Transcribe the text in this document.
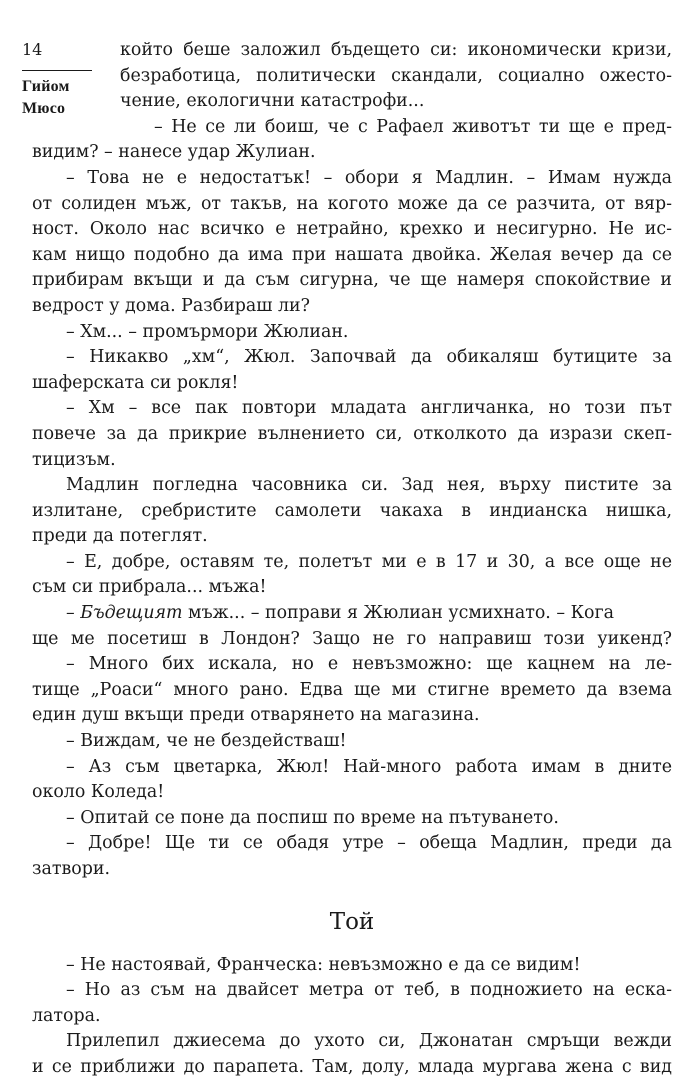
14
Гийом
Мюсо
който беше заложил бъдещето си: икономически кризи,
безработица, политически скандали, социално ожесто-
чение, екологични катастрофи...
– Не се ли боиш, че с Рафаел животът ти ще е пред-
видим? – нанесе удар Жулиан.
– Това не е недостатък! – обори я Мадлин. – Имам нужда
от солиден мъж, от такъв, на когото може да се разчита, от вяр-
ност. Около нас всичко е нетрайно, крехко и несигурно. Не ис-
кам нищо подобно да има при нашата двойка. Желая вечер да се
прибирам вкъщи и да съм сигурна, че ще намеря спокойствие и
ведрост у дома. Разбираш ли?
– Хм... – промърмори Жюлиан.
– Никакво „хм“, Жюл. Започвай да обикаляш бутиците за
шаферската си рокля!
– Хм – все пак повтори младата англичанка, но този път
повече за да прикрие вълнението си, отколкото да изрази скеп-
тицизъм.
Мадлин погледна часовника си. Зад нея, върху пистите за
излитане, сребристите самолети чакаха в индианска нишка,
преди да потеглят.
– Е, добре, оставям те, полетът ми е в 17 и 30, а все още не
съм си прибрала... мъжа!
– Бъдещият мъж... – поправи я Жюлиан усмихнато. – Кога
ще ме посетиш в Лондон? Защо не го направиш този уикенд?
– Много бих искала, но е невъзможно: ще кацнем на ле-
тище „Роаси“ много рано. Едва ще ми стигне времето да взема
един душ вкъщи преди отварянето на магазина.
– Виждам, че не бездействаш!
– Аз съм цветарка, Жюл! Най-много работа имам в дните
около Коледа!
– Опитай се поне да поспиш по време на пътуването.
– Добре! Ще ти се обадя утре – обеща Мадлин, преди да
затвори.
Той
– Не настоявай, Франческа: невъзможно е да се видим!
– Но аз съм на двайсет метра от теб, в подножието на еска-
латора.
Прилепил джиесема до ухото си, Джонатан смръщи вежди
и се приближи до парапета. Там, долу, млада мургава жена с вид
